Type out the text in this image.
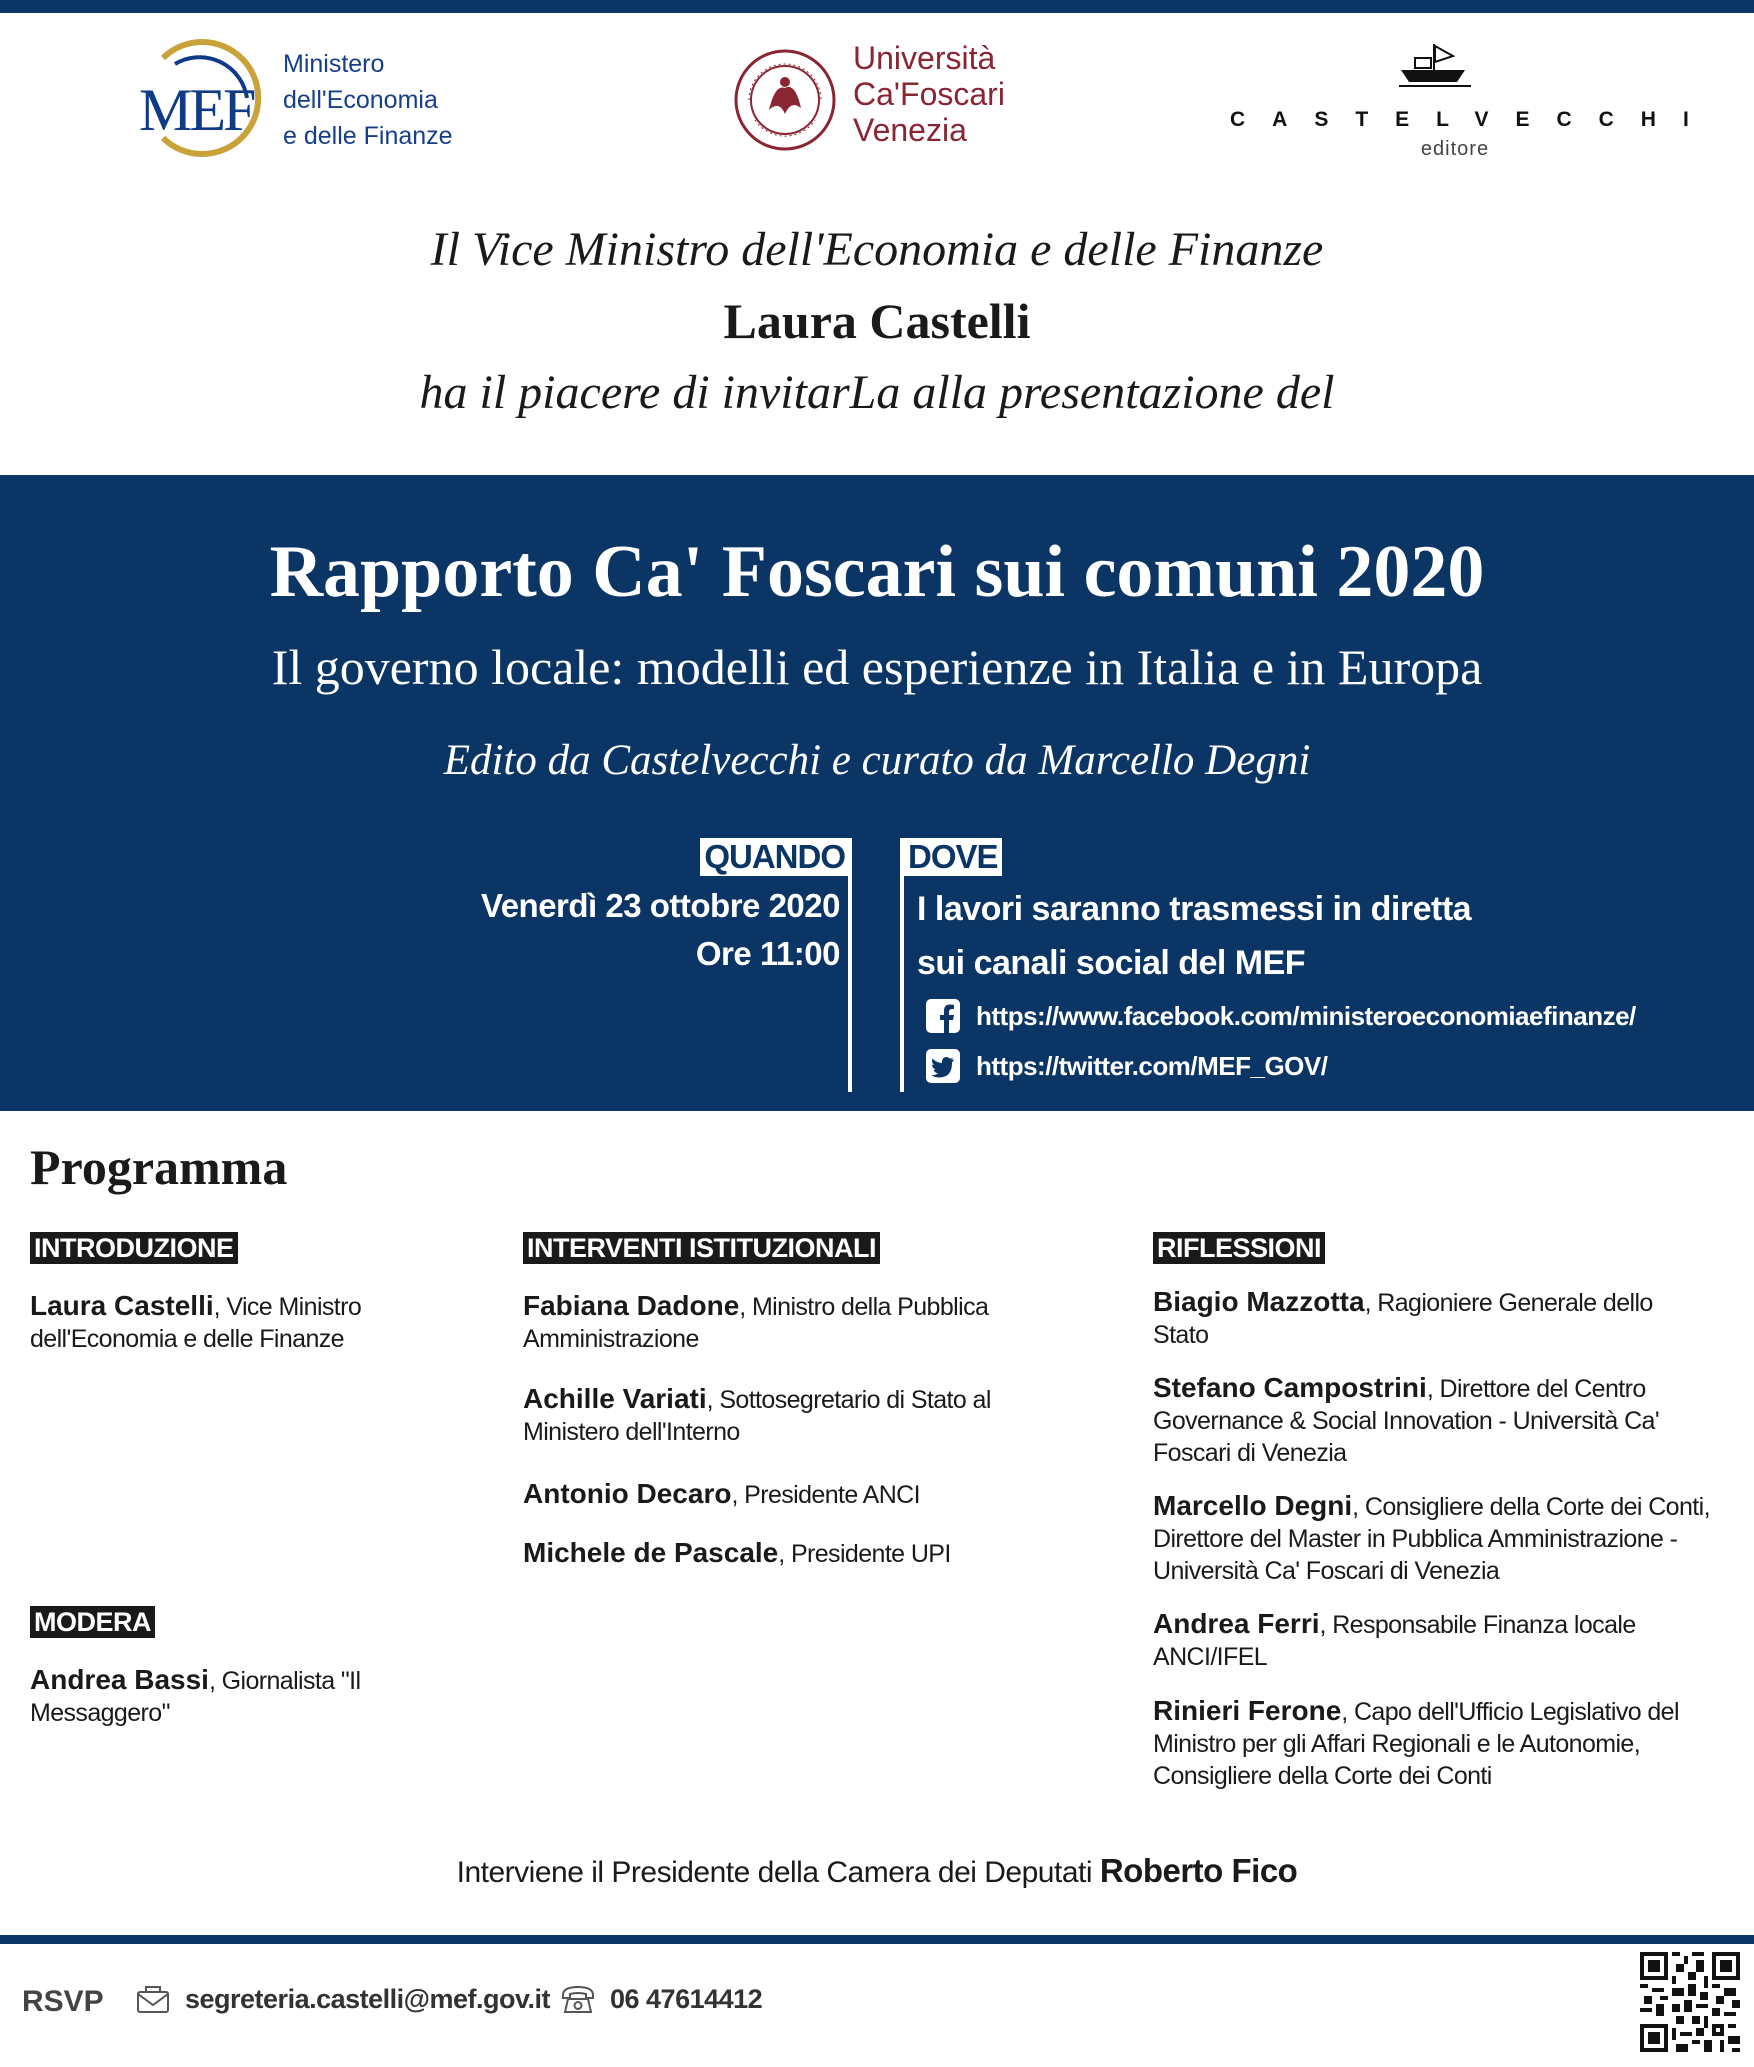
MEF
Ministero
dell'Economia
e delle Finanze
Università
Ca'Foscari
Venezia	CASTELVECCHI
editore
Il Vice Ministro dell'Economia e delle Finanze
Laura Castelli
ha il piacere di invitarLa alla presentazione del
Rapporto Ca' Foscari sui comuni 2020
Il governo locale: modelli ed esperienze in Italia e in Europa
Edito da Castelvecchi e curato da Marcello Degni
QUANDO DOVE
Venerdì 23 ottobre 2020
Ore 11:00
I lavori saranno trasmessi in diretta
sui canali social del MEF
https://www.facebook.com/ministeroeconomiaefinanze/
https://twitter.com/MEF_GOV/
Programma
INTRODUZIONE
Laura Castelli, Vice Ministro dell'Economia e delle Finanze
MODERA
Andrea Bassi, Giornalista "Il Messaggero"
INTERVENTI ISTITUZIONALI
Fabiana Dadone, Ministro della Pubblica Amministrazione
Achille Variati, Sottosegretario di Stato al Ministero dell'Interno
Antonio Decaro, Presidente ANCI
Michele de Pascale, Presidente UPI
RIFLESSIONI
Biagio Mazzotta, Ragioniere Generale dello Stato
Stefano Campostrini, Direttore del Centro Governance & Social Innovation - Università Ca' Foscari di Venezia
Marcello Degni, Consigliere della Corte dei Conti, Direttore del Master in Pubblica Amministrazione - Università Ca' Foscari di Venezia
Andrea Ferri, Responsabile Finanza locale ANCI/IFEL
Rinieri Ferone, Capo dell'Ufficio Legislativo del Ministro per gli Affari Regionali e le Autonomie, Consigliere della Corte dei Conti
Interviene il Presidente della Camera dei Deputati Roberto Fico
RSVP	segreteria.castelli@mef.gov.it 06 47614412
